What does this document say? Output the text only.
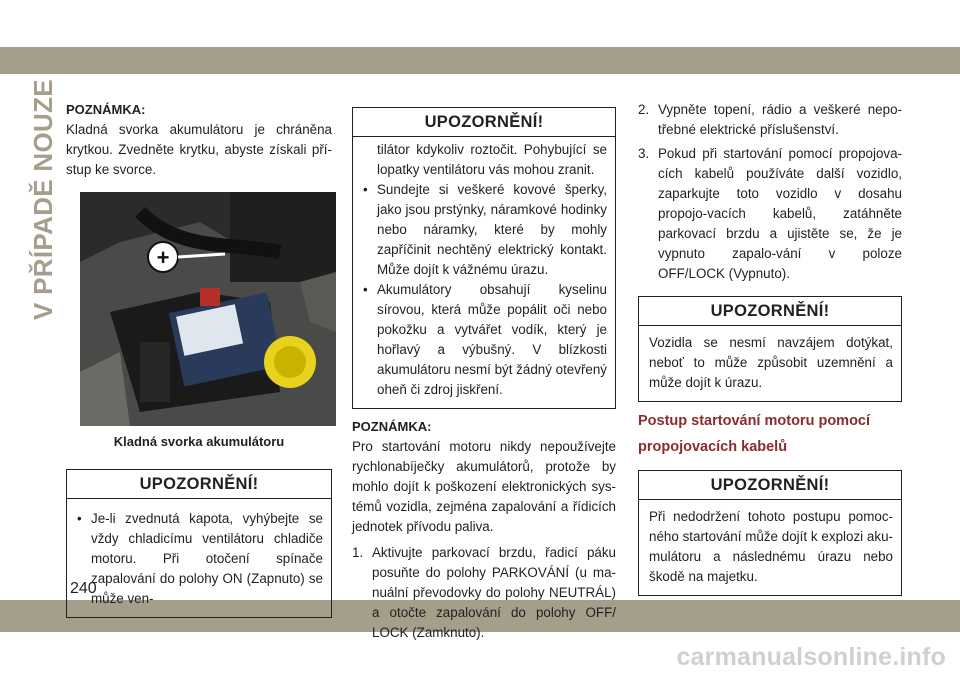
V PŘÍPADĚ NOUZE POZNÁMKA:

Kladná svorka akumulátoru je chráněna krytkou. Zvedněte krytku, abyste získali pří-stup ke svorce.

+
Kladná svorka akumulátoru
UPOZORNĚNÍ!
• Je-li zvednutá kapota, vyhýbejte se vždy chladicímu ventilátoru chladiče motoru. Při otočení spínače zapalování do polohy ON (Zapnuto) se může ven-
UPOZORNĚNÍ!
tilátor kdykoliv roztočit. Pohybující se lopatky ventilátoru vás mohou zranit.
• Sundejte si veškeré kovové šperky, jako jsou prstýnky, náramkové hodinky nebo náramky, které by mohly zapříčinit nechtěný elektrický kontakt. Může dojít k vážnému úrazu.
• Akumulátory obsahují kyselinu sírovou, která může popálit oči nebo pokožku a vytvářet vodík, který je hořlavý a výbušný. V blízkosti akumulátoru nesmí být žádný otevřený oheň či zdroj jiskření.
POZNÁMKA:

Pro startování motoru nikdy nepoužívejte rychlonabíječky akumulátorů, protože by mohlo dojít k poškození elektronických sys-témů vozidla, zejména zapalování a řídicích jednotek přívodu paliva.

1. Aktivujte parkovací brzdu, řadicí páku posuňte do polohy PARKOVÁNÍ (u ma-nuální převodovky do polohy NEUTRÁL) a otočte zapalování do polohy OFF/ LOCK (Zamknuto).
2. Vypněte topení, rádio a veškeré nepo-třebné elektrické příslušenství.
3. Pokud při startování pomocí propojova-cích kabelů používáte další vozidlo, zaparkujte toto vozidlo v dosahu propojo-vacích kabelů, zatáhněte parkovací brzdu a ujistěte se, že je vypnuto zapalo-vání v poloze OFF/LOCK (Vypnuto).
UPOZORNĚNÍ!

Vozidla se nesmí navzájem dotýkat, neboť to může způsobit uzemnění a může dojít k úrazu.

Postup startování motoru pomocí propojovacích kabelů
UPOZORNĚNÍ!

Při nedodržení tohoto postupu pomoc-ného startování může dojít k explozi aku-mulátoru a následnému úrazu nebo škodě na majetku.

240
carmanualsonline.info
